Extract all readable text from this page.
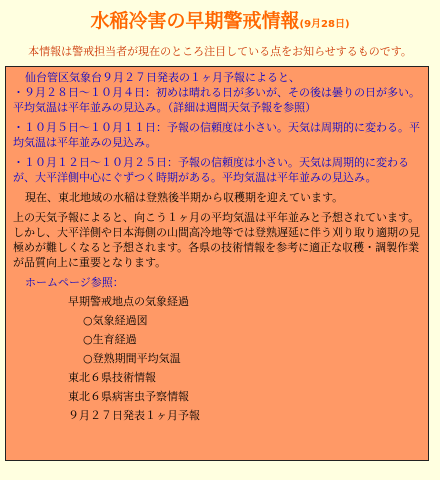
水稲冷害の早期警戒情報(9月28日)
本情報は警戒担当者が現在のところ注目している点をお知らせするものです。

仙台管区気象台９月２７日発表の１ヶ月予報によると、

・９月２８日～１０月４日：初めは晴れる日が多いが、その後は曇りの日が多い。平均気温は平年並みの見込み。（詳細は週間天気予報を参照）

・１０月５日～１０月１１日：予報の信頼度は小さい。天気は周期的に変わる。平均気温は平年並みの見込み。

・１０月１２日～１０月２５日：予報の信頼度は小さい。天気は周期的に変わるが、大平洋側中心にぐずつく時期がある。平均気温は平年並みの見込み。

現在、東北地域の水稲は登熟後半期から収穫期を迎えています。

上の天気予報によると、向こう１ヶ月の平均気温は平年並みと予想されています。しかし、大平洋側や日本海側の山間高冷地等では登熟遅延に伴う刈り取り適期の見極めが難しくなると予想されます。各県の技術情報を参考に適正な収穫・調製作業が品質向上に重要となります。

ホームページ参照：

早期警戒地点の気象経過

○気象経過図

○生育経過

○登熟期間平均気温

東北６県技術情報

東北６県病害虫予察情報

９月２７日発表１ヶ月予報
